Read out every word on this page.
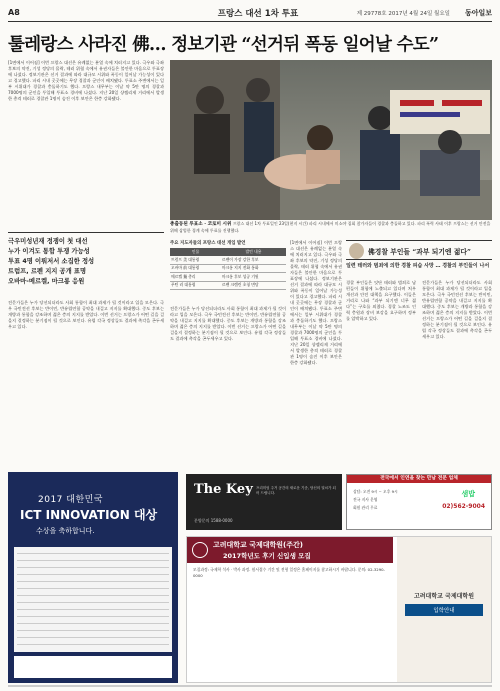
A8	프랑스 대선 1차 투표	제 29778호 2017년 4월 24일 월요일 동아일보
툴레랑스 사라진 佛… 정보기관 “선거뒤 폭동 일어날 수도”
[1면에서 이어짐] 이번 프랑스 대선은 유례없는 분열 속에 치러지고 있다. 극우와 극좌 후보의 약진, 기성 정당의 몰락, 테러 위협 속에서 유권자들은 불안한 마음으로 투표장에 나섰다. 정보기관은 선거 결과에 따라 대규모 시위와 폭동이 일어날 가능성이 있다고 경고했다. 파리 시내 곳곳에는 무장 경찰과 군인이 배치됐다. 투표소 주변에서는 일부 시위대가 경찰과 충돌하기도 했다. 프랑스 내무부는 이날 약 5만 명의 경찰과 7000명의 군인을 투입해 투표소 경비에 나섰다. 지난 20일 샹젤리제 거리에서 발생한 총격 테러로 경찰관 1명이 숨진 이후 보안은 한층 강화됐다.
총출동된 투표소 · 코로미 시위 프랑스 대선 1차 투표일인 23일(현지 시간) 파리 시내에서 미소야 집회 참가자들이 경찰과 충돌하고 있다. 파리 폭력 사태 이후 프랑스는 선거 안전을 위해 삼엄한 경계 속에 투표를 진행했다.
극우미성년재 정쟁이 첫 대선
누가 이겨도 통합 투쟁 가능성
투표 4명 이뤄저서 소집한 정성
트럼프, 르펜 지지 공개 표명
오바마-메르켈, 마크롱 응원
전문가들은 누가 당선되더라도 사회 통합이 최대 과제가 될 것이라고 입을 모은다. 극우 국민전선 후보는 반이민, 반유럽연합 공약을 내걸고 지지를 확대했다. 중도 후보는 개방과 통합을 강조하며 젊은 층의 지지를 받았다. 이번 선거는 프랑스가 어떤 길을 걸을지 결정하는 분기점이 될 것으로 보인다. 유럽 각국 정상들도 결과에 촉각을 곤두세우고 있다.
주요 지도자들의 프랑스 대선 개입 발언
인물	발언 내용
트럼프 美 대통령	르펜이 가장 강한 후보
오바마 前 대통령	마크롱 지지 전화 통화
메르켈 獨 총리	마크롱 후보 성공 기원
푸틴 러 대통령	르펜 크렘린 초청 면담
전문가들은 누가 당선되더라도 사회 통합이 최대 과제가 될 것이라고 입을 모은다. 극우 국민전선 후보는 반이민, 반유럽연합 공약을 내걸고 지지를 확대했다. 중도 후보는 개방과 통합을 강조하며 젊은 층의 지지를 받았다. 이번 선거는 프랑스가 어떤 길을 걸을지 결정하는 분기점이 될 것으로 보인다. 유럽 각국 정상들도 결과에 촉각을 곤두세우고 있다.
[1면에서 이어짐] 이번 프랑스 대선은 유례없는 분열 속에 치러지고 있다. 극우와 극좌 후보의 약진, 기성 정당의 몰락, 테러 위협 속에서 유권자들은 불안한 마음으로 투표장에 나섰다. 정보기관은 선거 결과에 따라 대규모 시위와 폭동이 일어날 가능성이 있다고 경고했다. 파리 시내 곳곳에는 무장 경찰과 군인이 배치됐다. 투표소 주변에서는 일부 시위대가 경찰과 충돌하기도 했다. 프랑스 내무부는 이날 약 5만 명의 경찰과 7000명의 군인을 투입해 투표소 경비에 나섰다. 지난 20일 샹젤리제 거리에서 발생한 총격 테러로 경찰관 1명이 숨진 이후 보안은 한층 강화됐다.
佛경찰 부인들 “과부 되기엔 젊다”
일련 테러와 범죄에 의한 경찰 피습 사망 … 경찰의 부인들이 나서
경찰 부인들은 잇단 테러와 범죄로 남편들이 위험에 노출되고 있다며 처우 개선과 안전 대책을 요구했다. 이들은 거리로 나와 “과부 되기엔 너무 젊다”는 구호를 외쳤다. 경찰 노조도 인력 충원과 장비 보강을 요구하며 정부를 압박하고 있다.
전문가들은 누가 당선되더라도 사회 통합이 최대 과제가 될 것이라고 입을 모은다. 극우 국민전선 후보는 반이민, 반유럽연합 공약을 내걸고 지지를 확대했다. 중도 후보는 개방과 통합을 강조하며 젊은 층의 지지를 받았다. 이번 선거는 프랑스가 어떤 길을 걸을지 결정하는 분기점이 될 것으로 보인다. 유럽 각국 정상들도 결과에 촉각을 곤두세우고 있다.
2017 대한민국
ICT INNOVATION 대상
수상을 축하합니다.
The Key 프리미엄 주거 공간의 새로운 기준, 당신의 열쇠가 되어 드립니다.
분양문의 1588-0000
전국에서 인연을 찾는 만남 전문 업체
상담: 오전 9시 ~ 오후 9시
전국 지사 운영
회원 관리 무료
샘밥
02)562-9004
고려대학교 국제대학원(주간)
2017학년도 후기 신입생 모집
모집과정: 국제학 석사 · 박사 과정. 원서접수 기간 및 전형 일정은 홈페이지를 참고하시기 바랍니다. 문의: 02-3290-0000
고려대학교 국제대학원
입학안내
